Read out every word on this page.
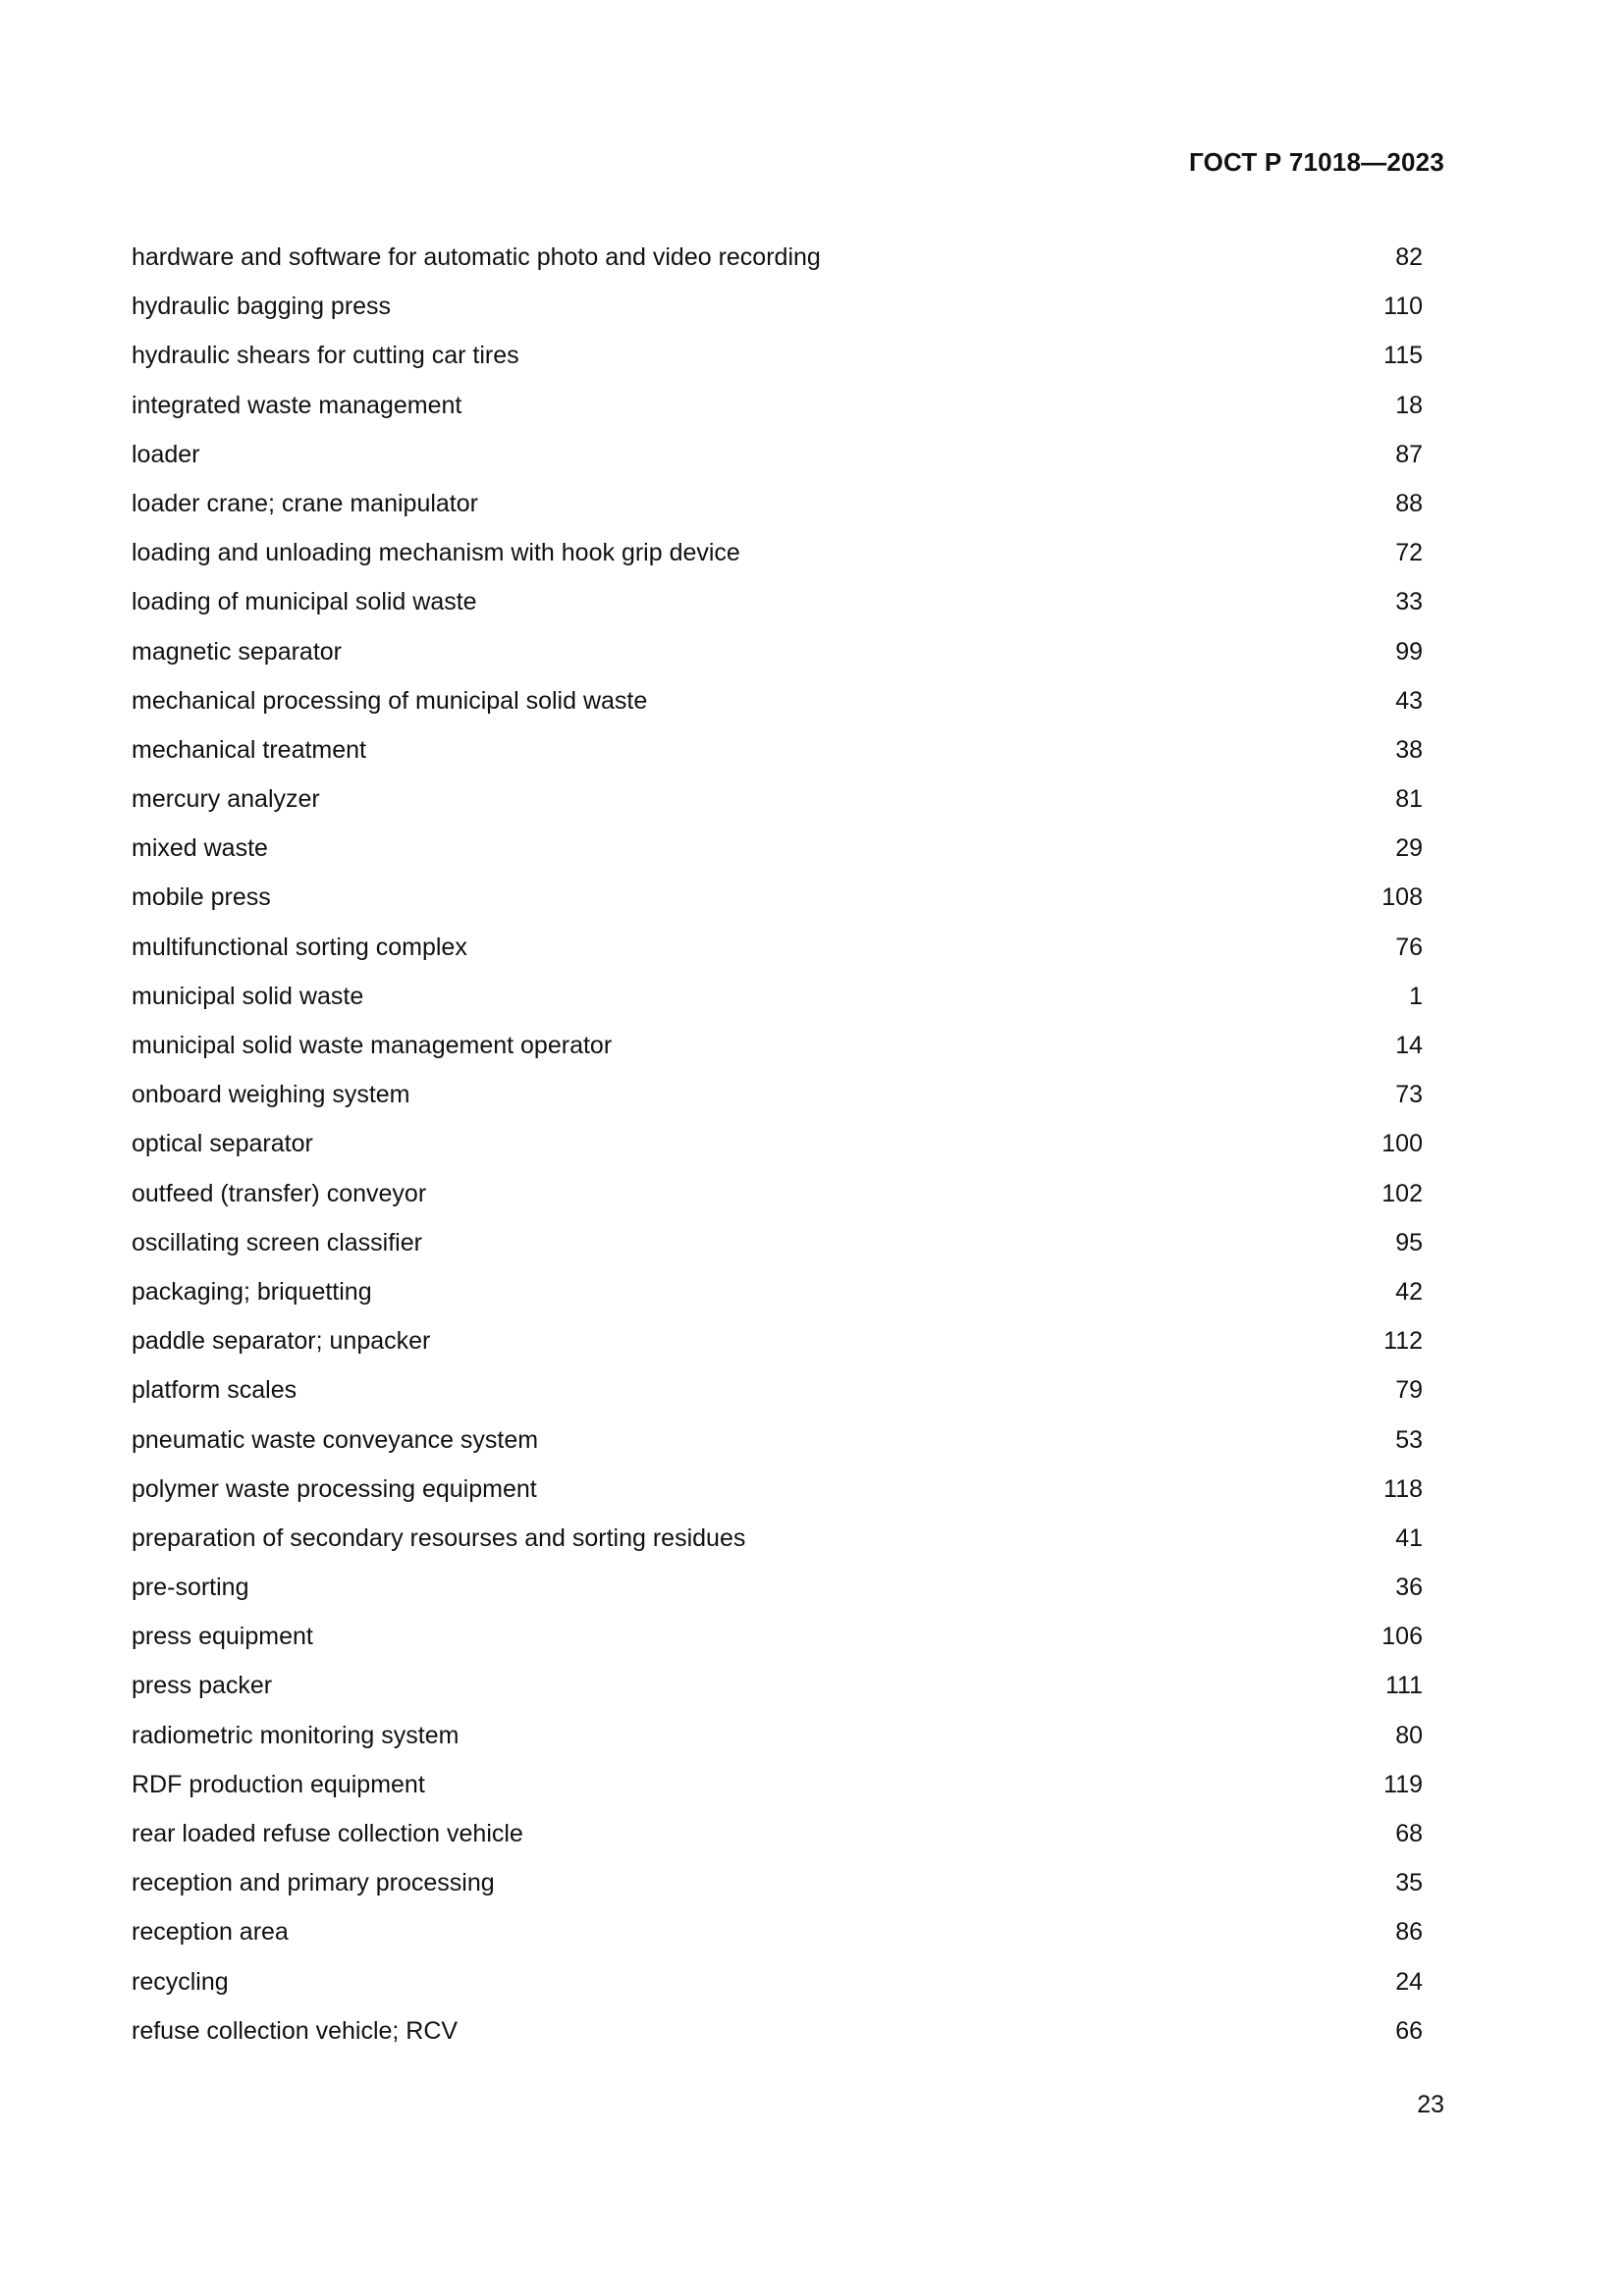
ГОСТ Р 71018—2023
hardware and software for automatic photo and video recording	82
hydraulic bagging press	110
hydraulic shears for cutting car tires	115
integrated waste management	18
loader	87
loader crane; crane manipulator	88
loading and unloading mechanism with hook grip device	72
loading of municipal solid waste	33
magnetic separator	99
mechanical processing of municipal solid waste	43
mechanical treatment	38
mercury analyzer	81
mixed waste	29
mobile press	108
multifunctional sorting complex	76
municipal solid waste	1
municipal solid waste management operator	14
onboard weighing system	73
optical separator	100
outfeed (transfer) conveyor	102
oscillating screen classifier	95
packaging; briquetting	42
paddle separator; unpacker	112
platform scales	79
pneumatic waste conveyance system	53
polymer waste processing equipment	118
preparation of secondary resourses and sorting residues	41
pre-sorting	36
press equipment	106
press packer	111
radiometric monitoring system	80
RDF production equipment	119
rear loaded refuse collection vehicle	68
reception and primary processing	35
reception area	86
recycling	24
refuse collection vehicle; RCV	66
23
